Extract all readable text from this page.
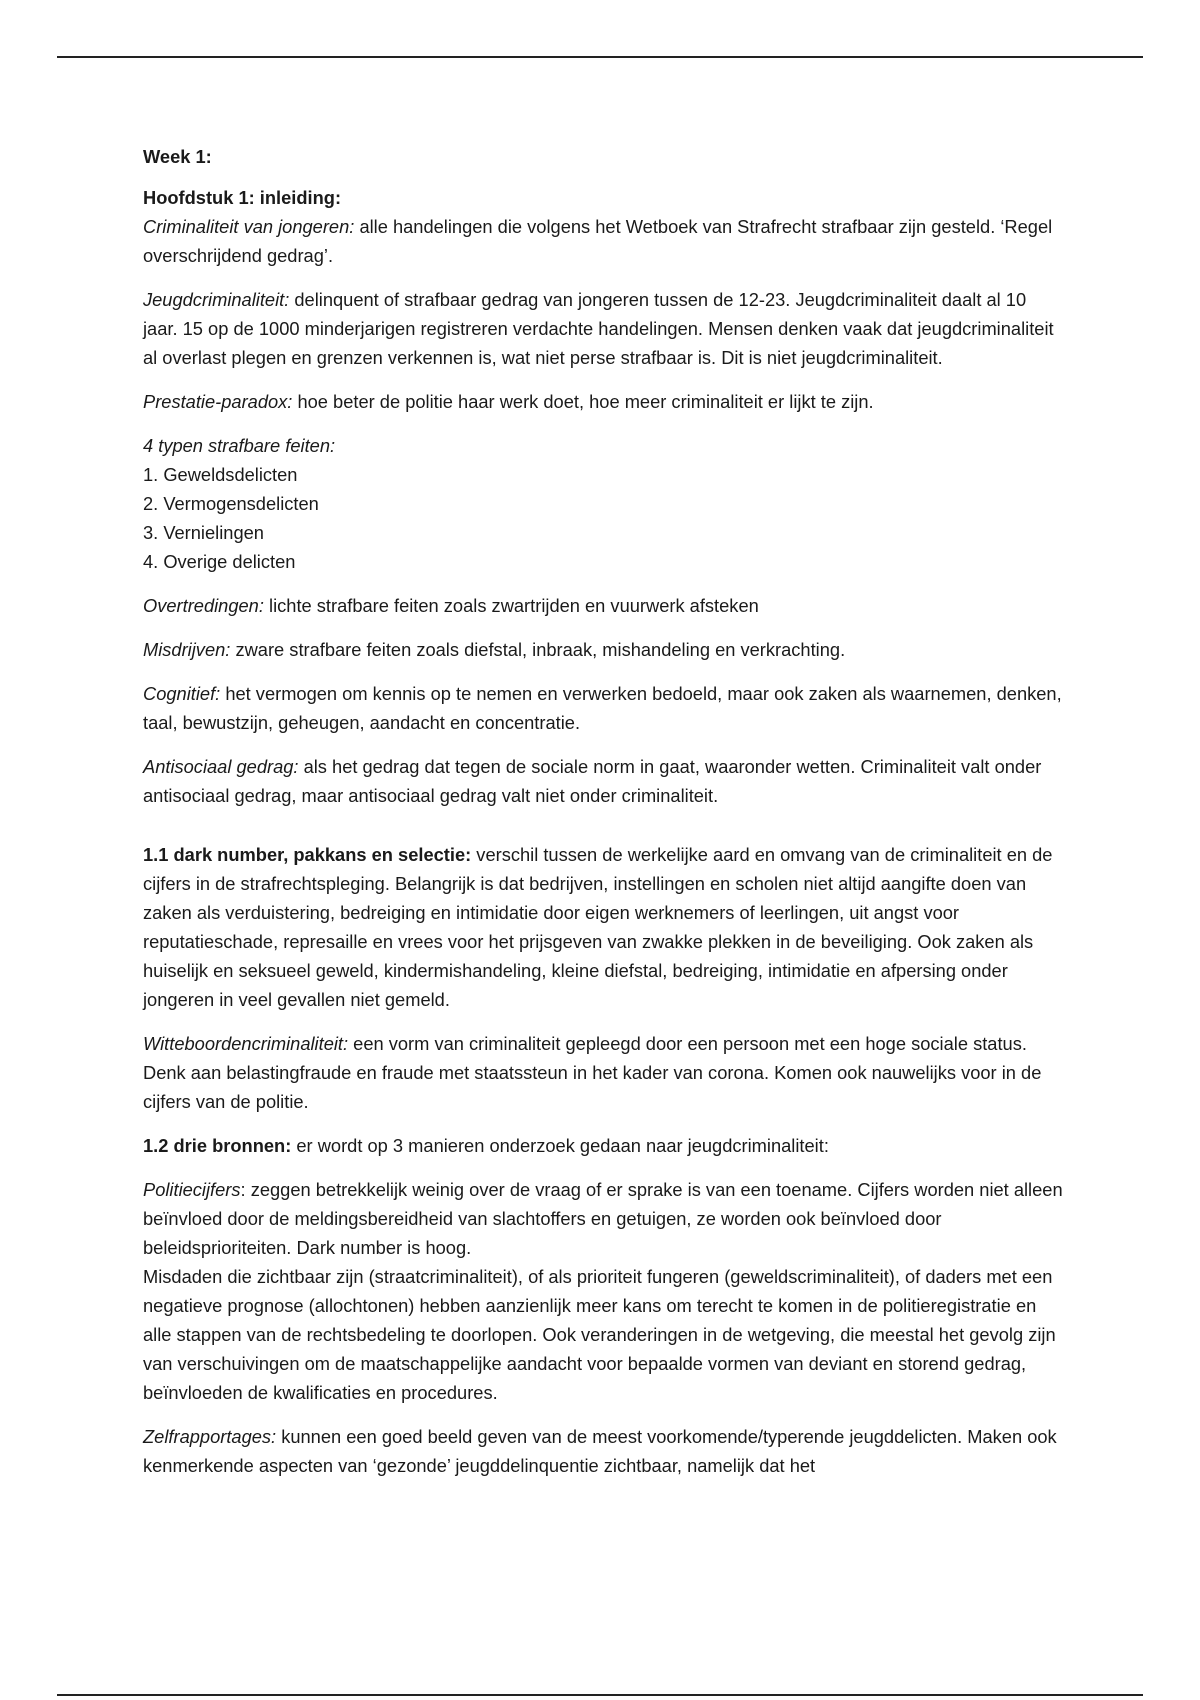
Week 1:

Hoofdstuk 1: inleiding:

Criminaliteit van jongeren: alle handelingen die volgens het Wetboek van Strafrecht strafbaar zijn gesteld. ‘Regel overschrijdend gedrag’.

Jeugdcriminaliteit: delinquent of strafbaar gedrag van jongeren tussen de 12-23. Jeugdcriminaliteit daalt al 10 jaar. 15 op de 1000 minderjarigen registreren verdachte handelingen. Mensen denken vaak dat jeugdcriminaliteit al overlast plegen en grenzen verkennen is, wat niet perse strafbaar is. Dit is niet jeugdcriminaliteit.

Prestatie-paradox: hoe beter de politie haar werk doet, hoe meer criminaliteit er lijkt te zijn.

4 typen strafbare feiten:
1. Geweldsdelicten
2. Vermogensdelicten
3. Vernielingen
4. Overige delicten

Overtredingen: lichte strafbare feiten zoals zwartrijden en vuurwerk afsteken

Misdrijven: zware strafbare feiten zoals diefstal, inbraak, mishandeling en verkrachting.

Cognitief: het vermogen om kennis op te nemen en verwerken bedoeld, maar ook zaken als waarnemen, denken, taal, bewustzijn, geheugen, aandacht en concentratie.

Antisociaal gedrag: als het gedrag dat tegen de sociale norm in gaat, waaronder wetten. Criminaliteit valt onder antisociaal gedrag, maar antisociaal gedrag valt niet onder criminaliteit.

1.1 dark number, pakkans en selectie: verschil tussen de werkelijke aard en omvang van de criminaliteit en de cijfers in de strafrechtspleging. Belangrijk is dat bedrijven, instellingen en scholen niet altijd aangifte doen van zaken als verduistering, bedreiging en intimidatie door eigen werknemers of leerlingen, uit angst voor reputatieschade, represaille en vrees voor het prijsgeven van zwakke plekken in de beveiliging. Ook zaken als huiselijk en seksueel geweld, kindermishandeling, kleine diefstal, bedreiging, intimidatie en afpersing onder jongeren in veel gevallen niet gemeld.

Witteboordencriminaliteit: een vorm van criminaliteit gepleegd door een persoon met een hoge sociale status. Denk aan belastingfraude en fraude met staatssteun in het kader van corona. Komen ook nauwelijks voor in de cijfers van de politie.

1.2 drie bronnen: er wordt op 3 manieren onderzoek gedaan naar jeugdcriminaliteit:

Politiecijfers: zeggen betrekkelijk weinig over de vraag of er sprake is van een toename. Cijfers worden niet alleen beïnvloed door de meldingsbereidheid van slachtoffers en getuigen, ze worden ook beïnvloed door beleidsprioriteiten. Dark number is hoog.

Misdaden die zichtbaar zijn (straatcriminaliteit), of als prioriteit fungeren (geweldscriminaliteit), of daders met een negatieve prognose (allochtonen) hebben aanzienlijk meer kans om terecht te komen in de politieregistratie en alle stappen van de rechtsbedeling te doorlopen. Ook veranderingen in de wetgeving, die meestal het gevolg zijn van verschuivingen om de maatschappelijke aandacht voor bepaalde vormen van deviant en storend gedrag, beïnvloeden de kwalificaties en procedures.

Zelfrapportages: kunnen een goed beeld geven van de meest voorkomende/typerende jeugddelicten. Maken ook kenmerkende aspecten van ‘gezonde’ jeugddelinquentie zichtbaar, namelijk dat het
